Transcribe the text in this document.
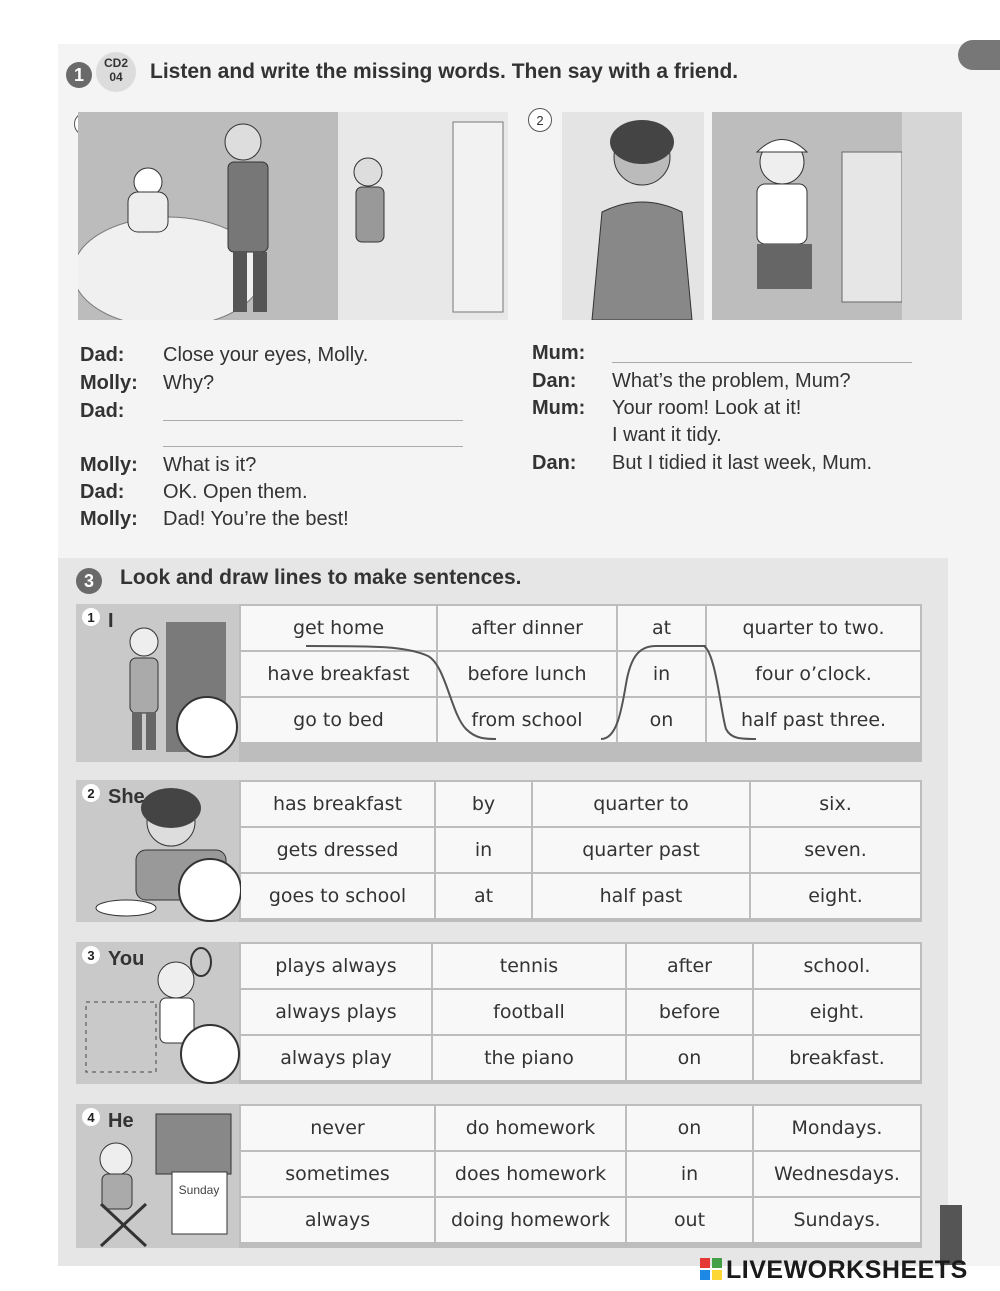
1
CD2
04	Listen and write the missing words. Then say with a friend.
2
Dad: Close your eyes, Molly.
Molly: Why?
Dad:
Molly: What is it?
Dad: OK. Open them.
Molly: Dad! You’re the best!
Mum:
Dan: What’s the problem, Mum?
Mum: Your room! Look at it!
I want it tidy.
Dan: But I tidied it last week, Mum.
3	Look and draw lines to make sentences.
1 I	get home	after dinner	at	quarter to two.
have breakfast	before lunch	in	four o’clock.
go to bed	from school	on	half past three.
2 She	has breakfast	by	quarter to	six.
gets dressed	in	quarter past	seven.
goes to school	at	half past	eight.
3 You	plays always	tennis	after	school.
always plays	football	before	eight.
always play	the piano	on	breakfast.
Sunday
4 He	never	do homework	on	Mondays.
sometimes	does homework	in	Wednesdays.
always	doing homework	out	Sundays.
LIVEWORKSHEETS
